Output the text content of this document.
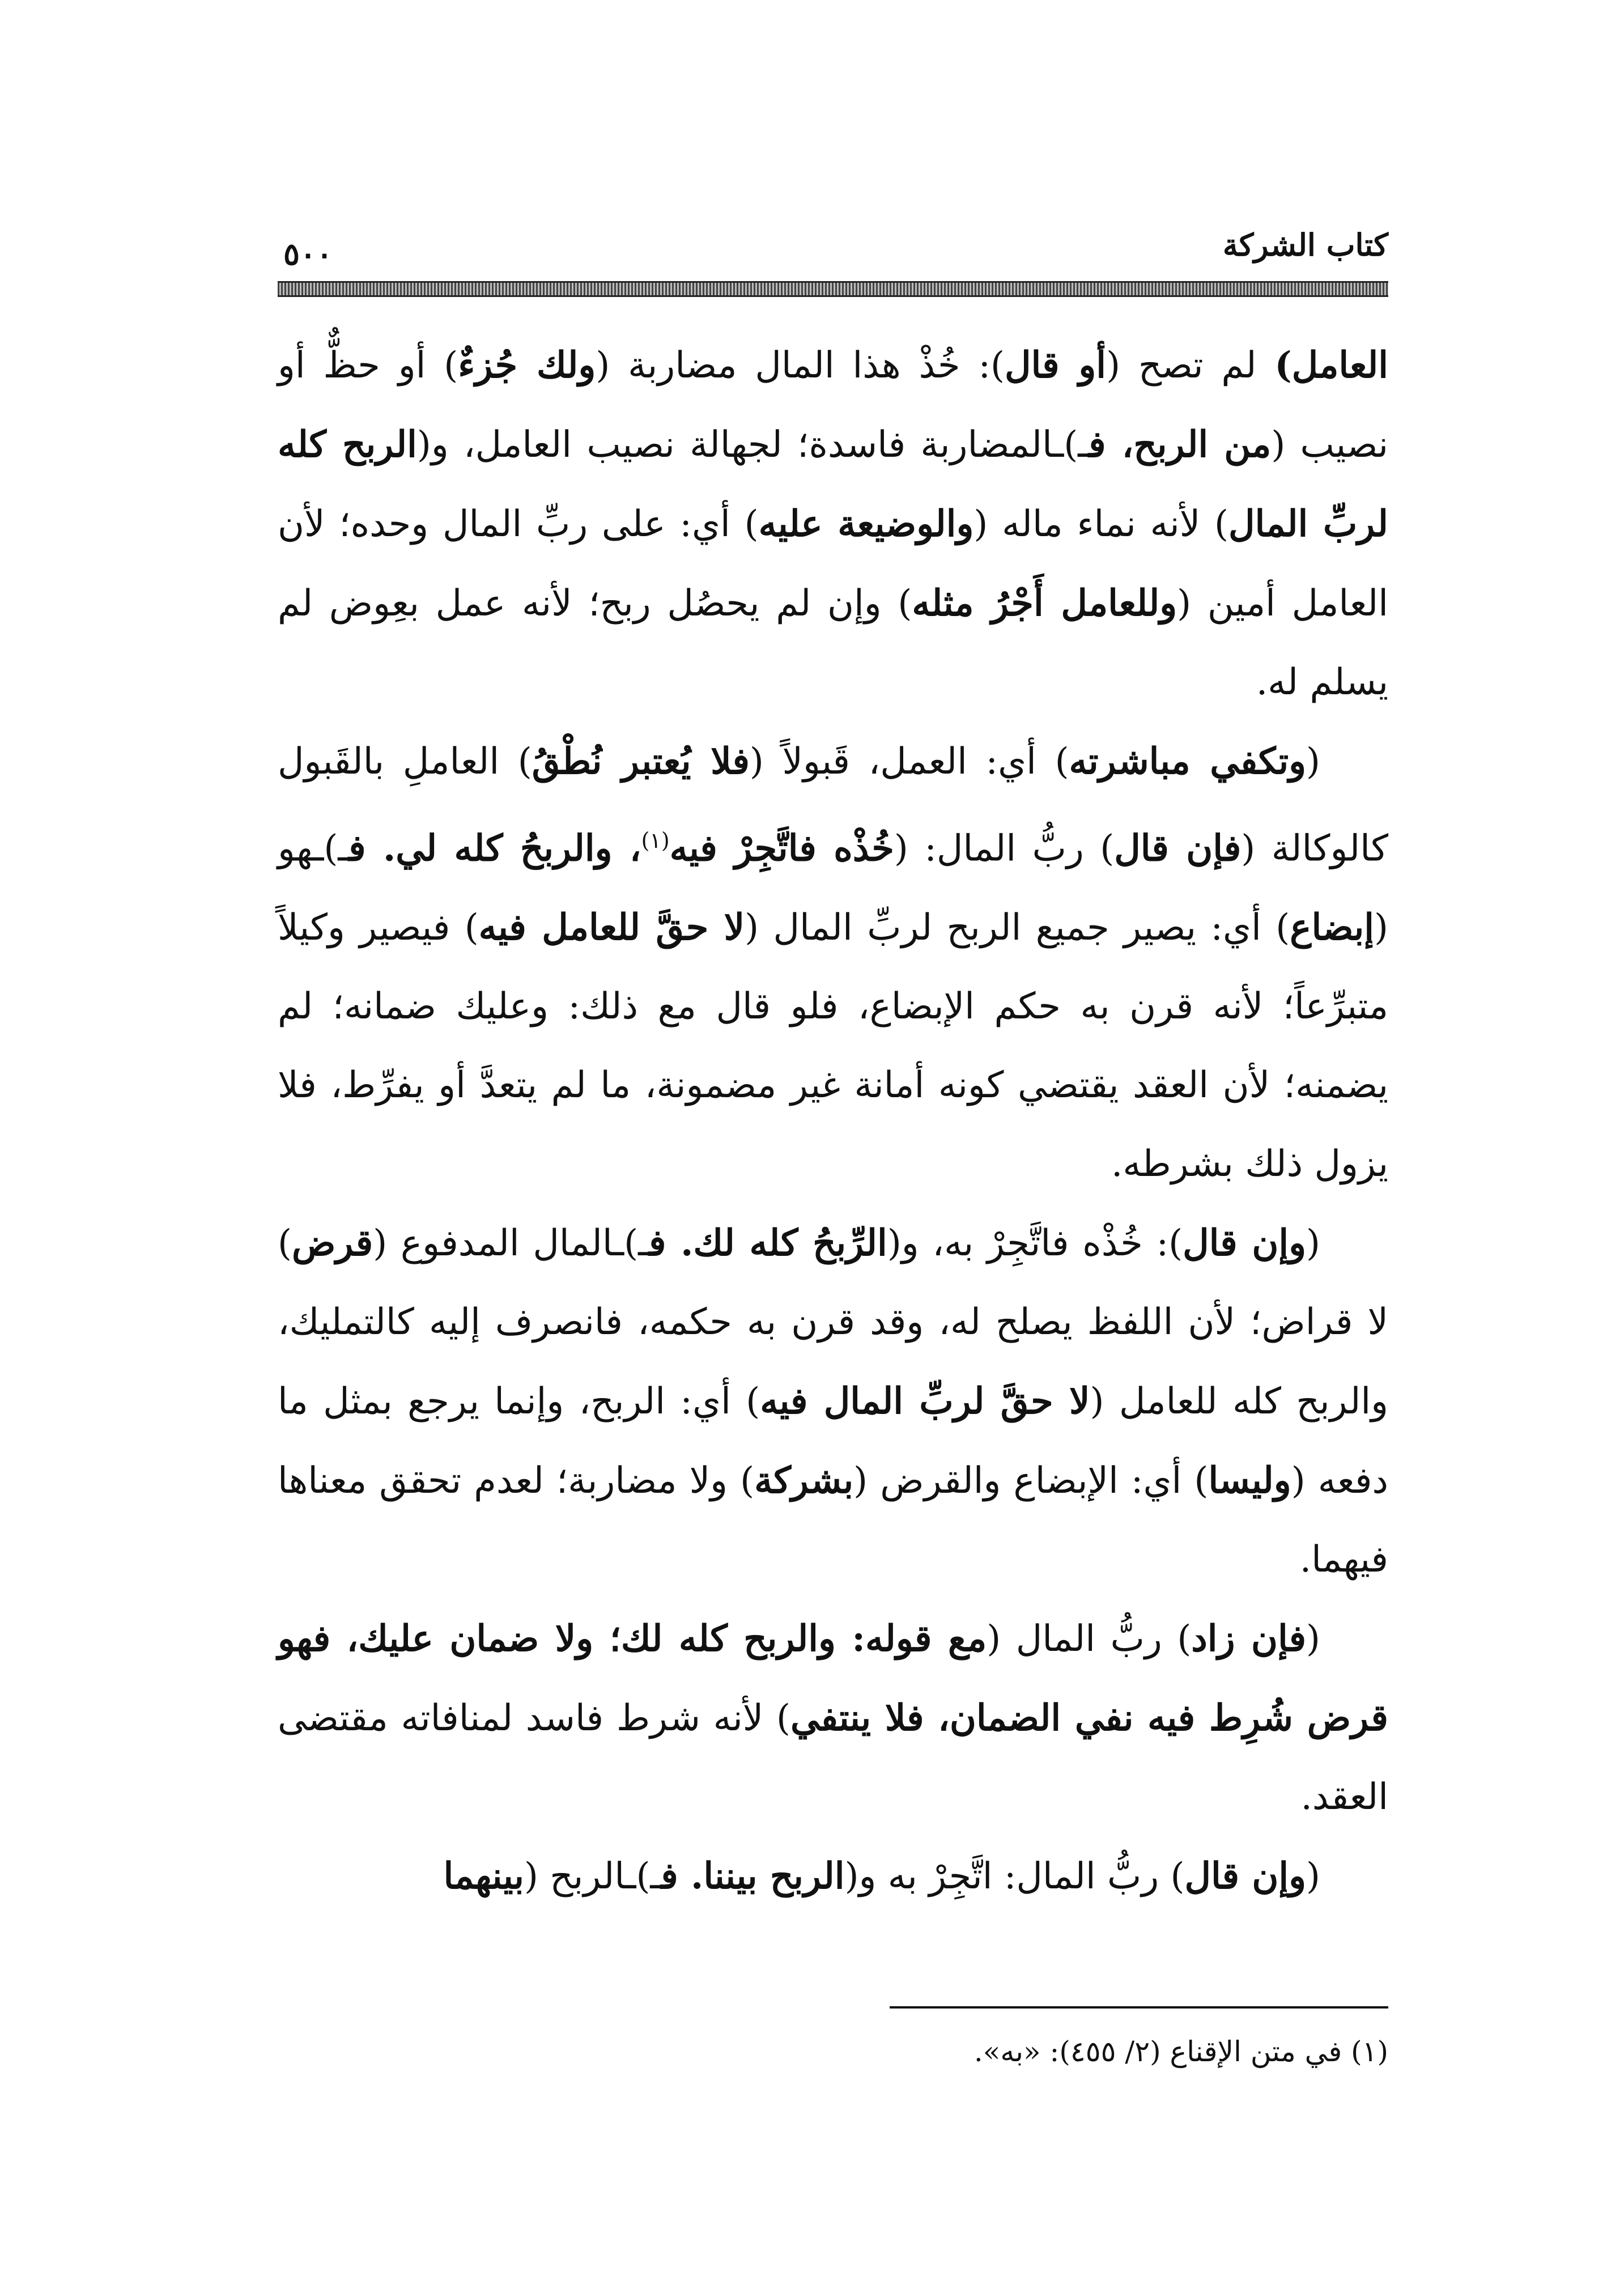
كتاب الشركة
٥٠٠

العامل) لم تصح (أو قال): خُذْ هذا المال مضاربة (ولك جُزءٌ) أو حظٌّ أو نصيب (من الربح، فـ)ـالمضاربة فاسدة؛ لجهالة نصيب العامل، و(الربح كله لربِّ المال) لأنه نماء ماله (والوضيعة عليه) أي: على ربِّ المال وحده؛ لأن العامل أمين (وللعامل أَجْرُ مثله) وإن لم يحصُل ربح؛ لأنه عمل بعِوض لم يسلم له.

(وتكفي مباشرته) أي: العمل، قَبولاً (فلا يُعتبر نُطْقُ) العاملِ بالقَبول كالوكالة (فإن قال) ربُّ المال: (خُذْه فاتَّجِرْ فيه$^{(١)}$، والربحُ كله لي. فـ)ـهو (إبضاع) أي: يصير جميع الربح لربِّ المال (لا حقَّ للعامل فيه) فيصير وكيلاً متبرِّعاً؛ لأنه قرن به حكم الإبضاع، فلو قال مع ذلك: وعليك ضمانه؛ لم يضمنه؛ لأن العقد يقتضي كونه أمانة غير مضمونة، ما لم يتعدَّ أو يفرِّط، فلا يزول ذلك بشرطه.

(وإن قال): خُذْه فاتَّجِرْ به، و(الرِّبحُ كله لك. فـ)ـالمال المدفوع (قرض) لا قراض؛ لأن اللفظ يصلح له، وقد قرن به حكمه، فانصرف إليه كالتمليك، والربح كله للعامل (لا حقَّ لربِّ المال فيه) أي: الربح، وإنما يرجع بمثل ما دفعه (وليسا) أي: الإبضاع والقرض (بشركة) ولا مضاربة؛ لعدم تحقق معناها فيهما.

(فإن زاد) ربُّ المال (مع قوله: والربح كله لك؛ ولا ضمان عليك، فهو قرض شُرِط فيه نفي الضمان، فلا ينتفي) لأنه شرط فاسد لمنافاته مقتضى العقد.

(وإن قال) ربُّ المال: اتَّجِرْ به و(الربح بيننا. فـ)ـالربح (بينهما

(١) في متن الإقناع (٢/ ٤٥٥): «به».
